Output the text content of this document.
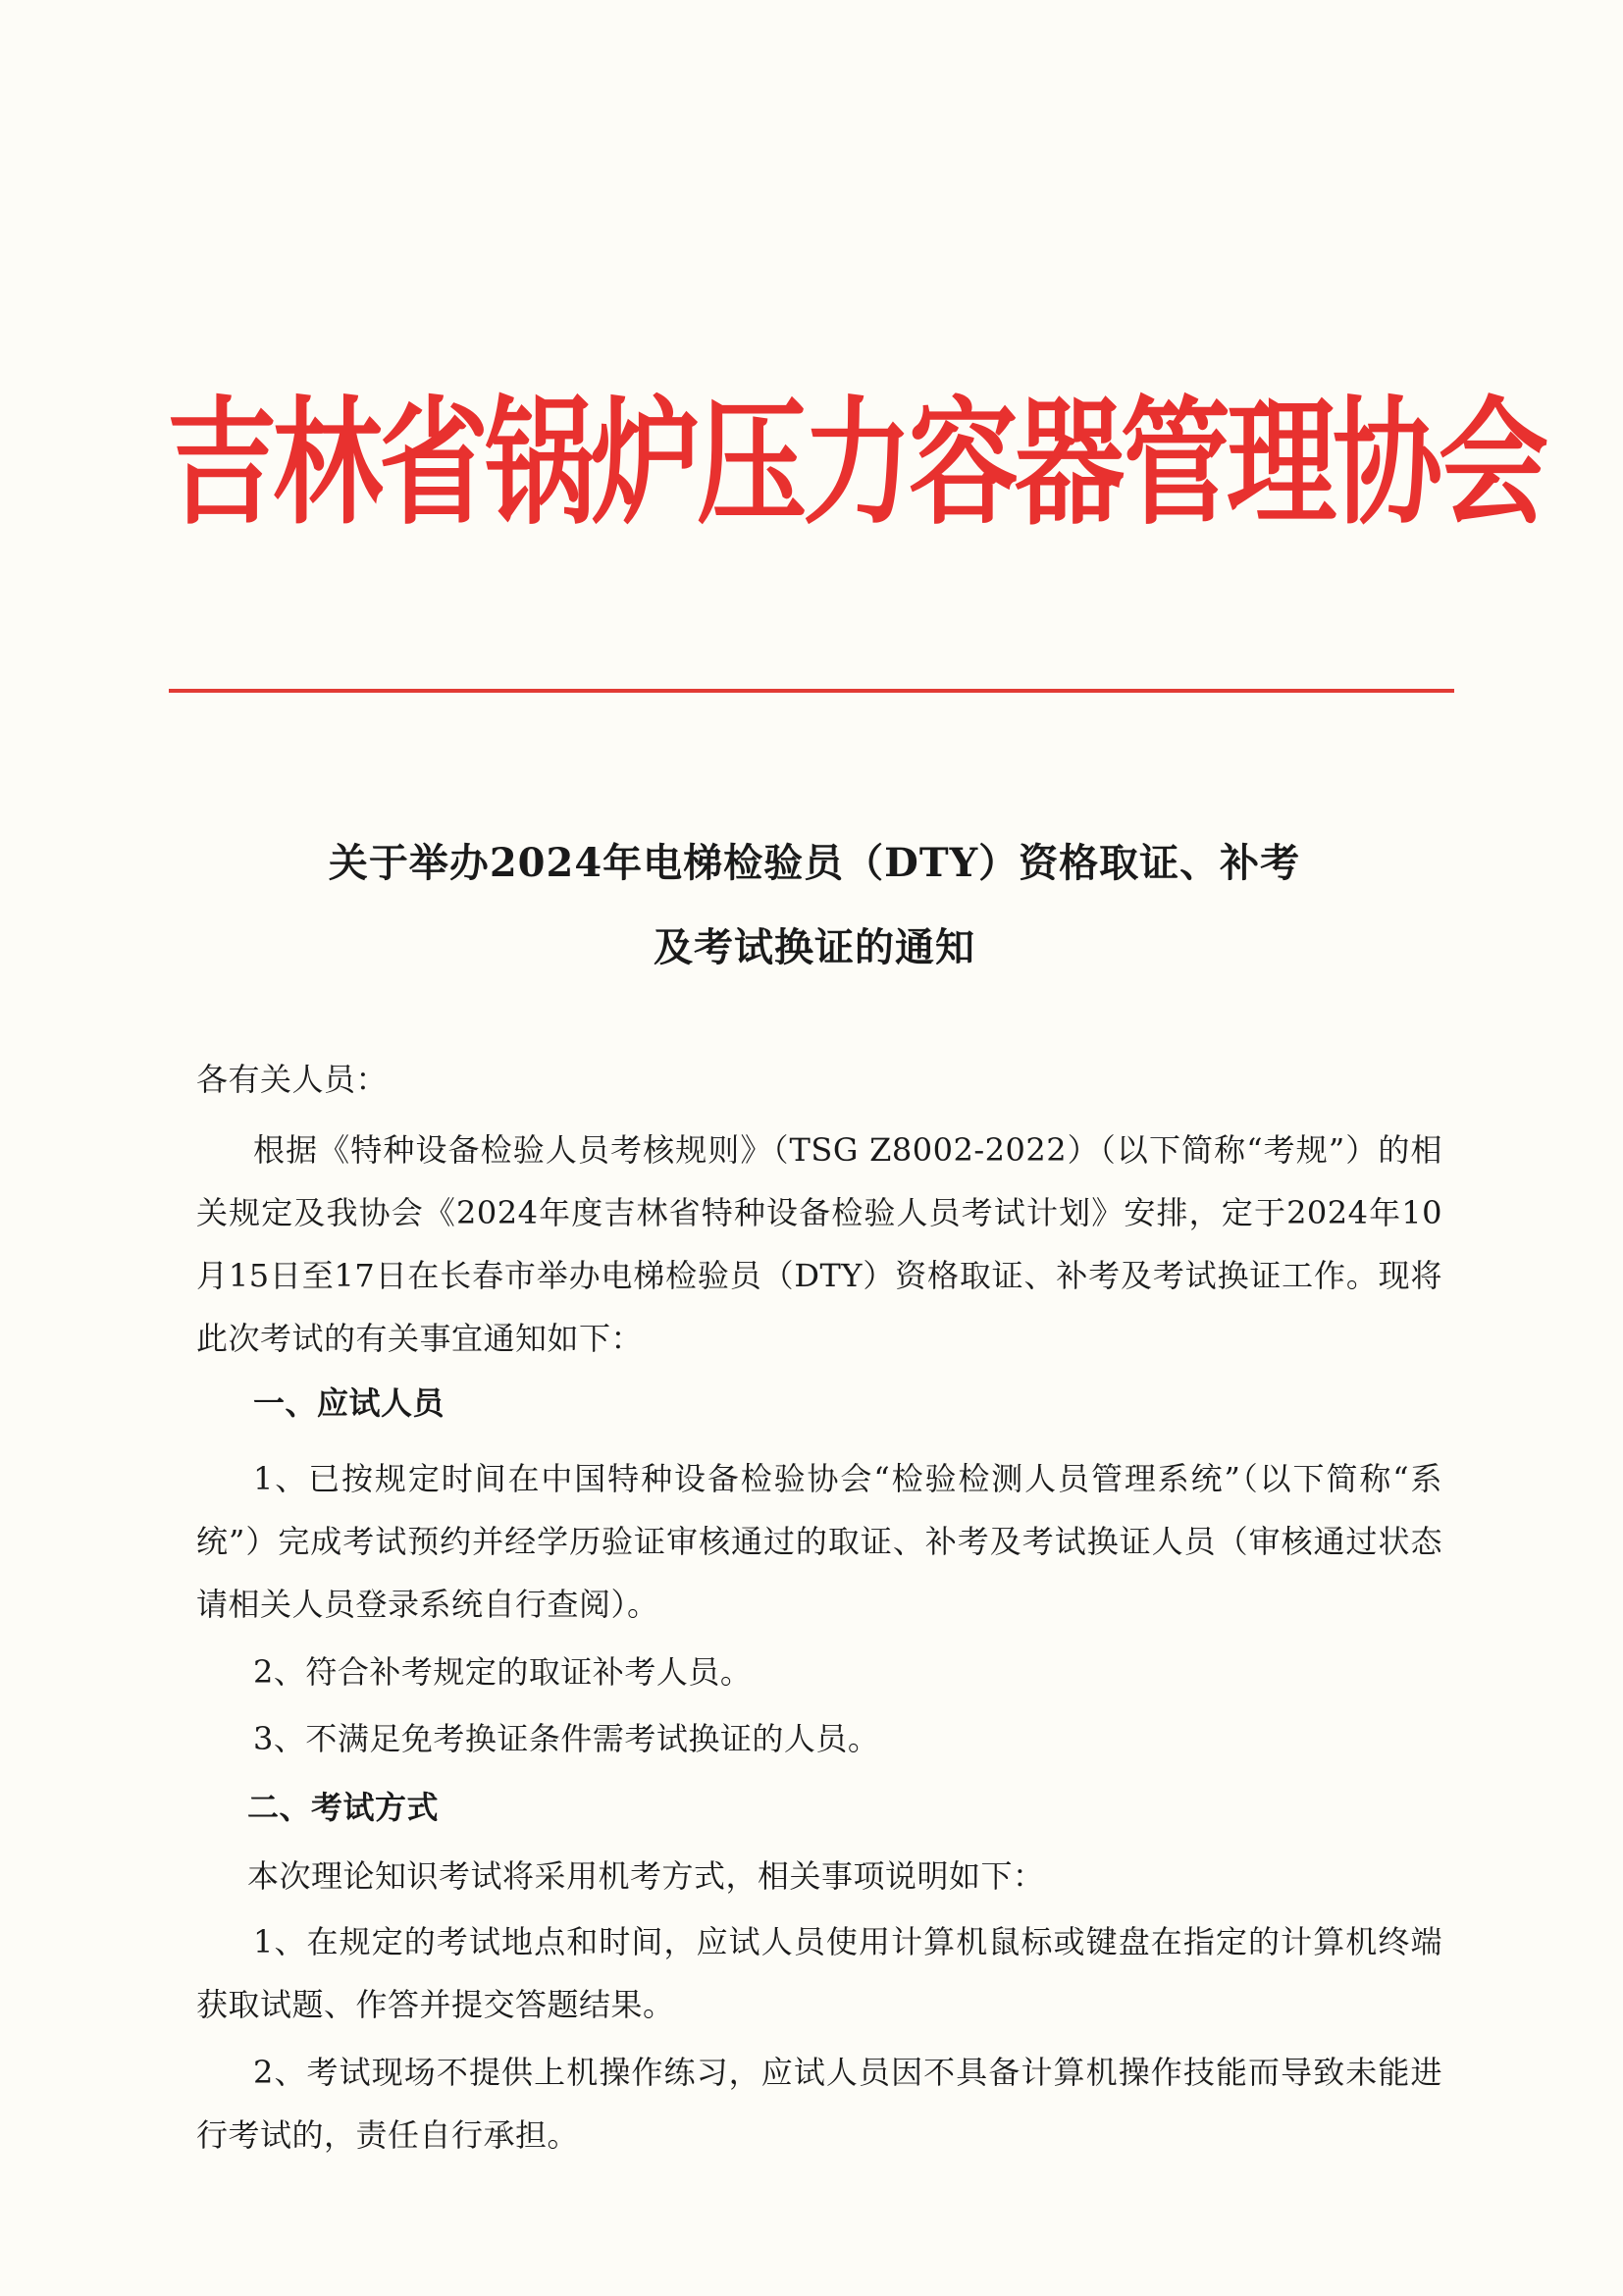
吉林省锅炉压力容器管理协会
关于举办2024年电梯检验员（DTY）资格取证、补考
及考试换证的通知
各有关人员：
根据《特种设备检验人员考核规则》（TSG Z8002-2022）（以下简称“考规”）的相关规定及我协会《2024年度吉林省特种设备检验人员考试计划》安排，定于2024年10月15日至17日在长春市举办电梯检验员（DTY）资格取证、补考及考试换证工作。现将此次考试的有关事宜通知如下：
一、应试人员
1、已按规定时间在中国特种设备检验协会“检验检测人员管理系统”（以下简称“系统”）完成考试预约并经学历验证审核通过的取证、补考及考试换证人员（审核通过状态请相关人员登录系统自行查阅）。
2、符合补考规定的取证补考人员。
3、不满足免考换证条件需考试换证的人员。
二、考试方式
本次理论知识考试将采用机考方式，相关事项说明如下：
1、在规定的考试地点和时间，应试人员使用计算机鼠标或键盘在指定的计算机终端获取试题、作答并提交答题结果。
2、考试现场不提供上机操作练习，应试人员因不具备计算机操作技能而导致未能进行考试的，责任自行承担。
